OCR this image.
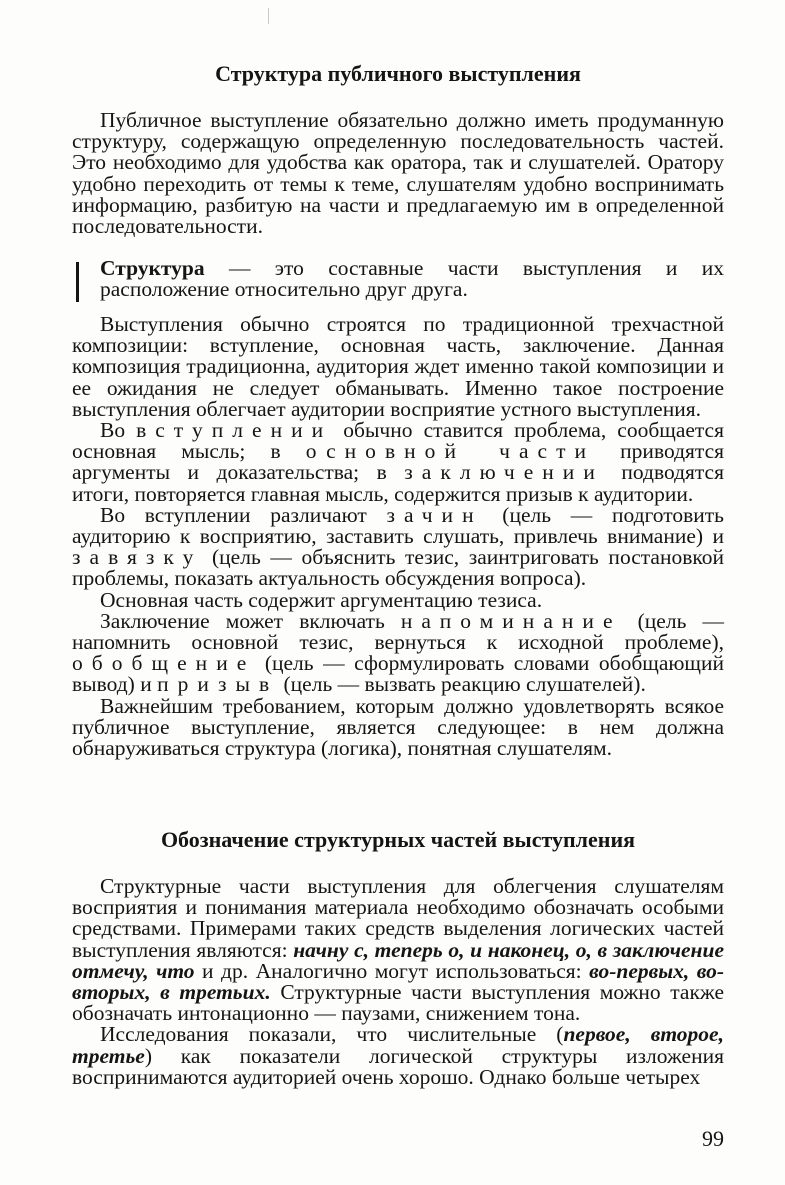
Структура публичного выступления

Публичное выступление обязательно должно иметь продуманную структуру, содержащую определенную последовательность частей. Это необходимо для удобства как оратора, так и слушателей. Оратору удобно переходить от темы к теме, слушателям удобно воспринимать информацию, разбитую на части и предлагаемую им в определенной последовательности.

Структура — это составные части выступления и их расположение относительно друг друга.

Выступления обычно строятся по традиционной трехчастной композиции: вступление, основная часть, заключение. Данная композиция традиционна, аудитория ждет именно такой композиции и ее ожидания не следует обманывать. Именно такое построение выступления облегчает аудитории восприятие устного выступления.

Во вступлении обычно ставится проблема, сообщается основная мысль; в основной части приводятся аргументы и доказательства; в заключении подводятся итоги, повторяется главная мысль, содержится призыв к аудитории.

Во вступлении различают зачин (цель — подготовить аудиторию к восприятию, заставить слушать, привлечь внимание) и завязку (цель — объяснить тезис, заинтриговать постановкой проблемы, показать актуальность обсуждения вопроса).

Основная часть содержит аргументацию тезиса.

Заключение может включать напоминание (цель — напомнить основной тезис, вернуться к исходной проблеме), обобщение (цель — сформулировать словами обобщающий вывод) и призыв (цель — вызвать реакцию слушателей).

Важнейшим требованием, которым должно удовлетворять всякое публичное выступление, является следующее: в нем должна обнаруживаться структура (логика), понятная слушателям.

Обозначение структурных частей выступления

Структурные части выступления для облегчения слушателям восприятия и понимания материала необходимо обозначать особыми средствами. Примерами таких средств выделения логических частей выступления являются: начну с, теперь о, и наконец, о, в заключение отмечу, что и др. Аналогично могут использоваться: во-первых, во-вторых, в третьих. Структурные части выступления можно также обозначать интонационно — паузами, снижением тона.

Исследования показали, что числительные (первое, второе, третье) как показатели логической структуры изложения воспринимаются аудиторией очень хорошо. Однако больше четырех

99
